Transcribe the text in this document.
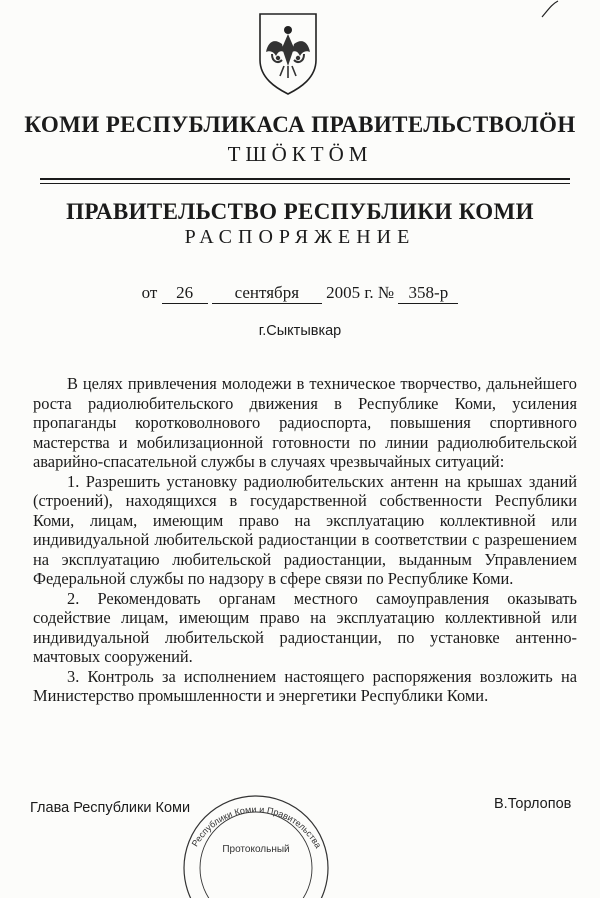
КОМИ РЕСПУБЛИКАСА ПРАВИТЕЛЬСТВОЛÖН
ТШÖКТÖМ
ПРАВИТЕЛЬСТВО РЕСПУБЛИКИ КОМИ
РАСПОРЯЖЕНИЕ
от 26 сентября 2005 г. № 358-р
г.Сыктывкар

В целях привлечения молодежи в техническое творчество, дальнейшего роста радиолюбительского движения в Республике Коми, усиления пропаганды коротковолнового радиоспорта, повышения спортивного мастерства и мобилизационной готовности по линии радиолюбительской аварийно-спасательной службы в случаях чрезвычайных ситуаций:

1. Разрешить установку радиолюбительских антенн на крышах зданий (строений), находящихся в государственной собственности Республики Коми, лицам, имеющим право на эксплуатацию коллективной или индивидуальной любительской радиостанции в соответствии с разрешением на эксплуатацию любительской радиостанции, выданным Управлением Федеральной службы по надзору в сфере связи по Республике Коми.

2. Рекомендовать органам местного самоуправления оказывать содействие лицам, имеющим право на эксплуатацию коллективной или индивидуальной любительской радиостанции, по установке антенно-мачтовых сооружений.

3. Контроль за исполнением настоящего распоряжения возложить на Министерство промышленности и энергетики Республики Коми.

Республики Коми и Правительства
Протокольный
Глава Республики Коми	В.Торлопов
